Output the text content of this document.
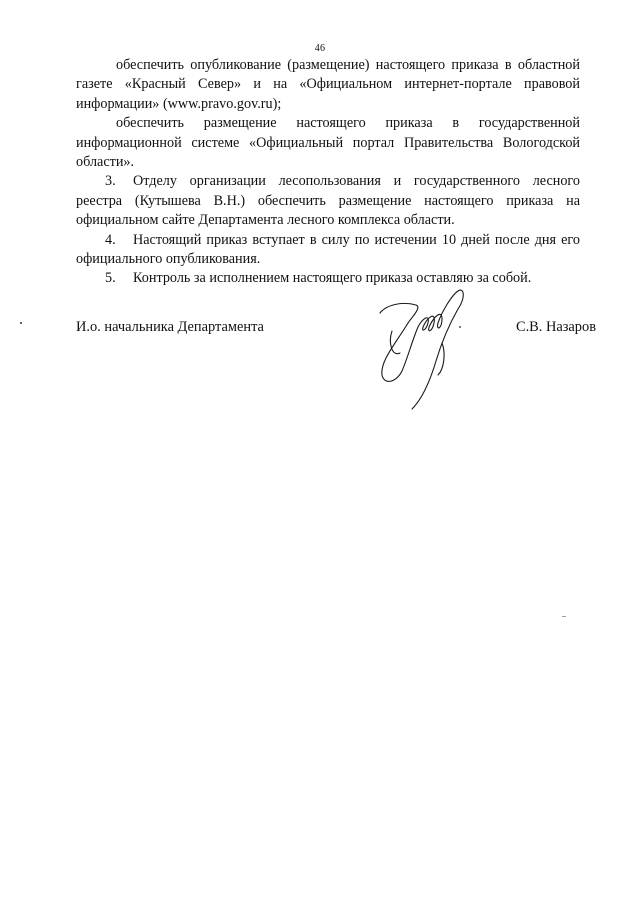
46

обеспечить опубликование (размещение) настоящего приказа в областной газете «Красный Север» и на «Официальном интернет-портале правовой информации» (www.pravo.gov.ru);

обеспечить размещение настоящего приказа в государственной информационной системе «Официальный портал Правительства Вологодской области».

3. Отделу организации лесопользования и государственного лесного реестра (Кутышева В.Н.) обеспечить размещение настоящего приказа на официальном сайте Департамента лесного комплекса области.

4. Настоящий приказ вступает в силу по истечении 10 дней после дня его официального опубликования.

5. Контроль за исполнением настоящего приказа оставляю за собой.

И.о. начальника Департамента	С.В. Назаров
